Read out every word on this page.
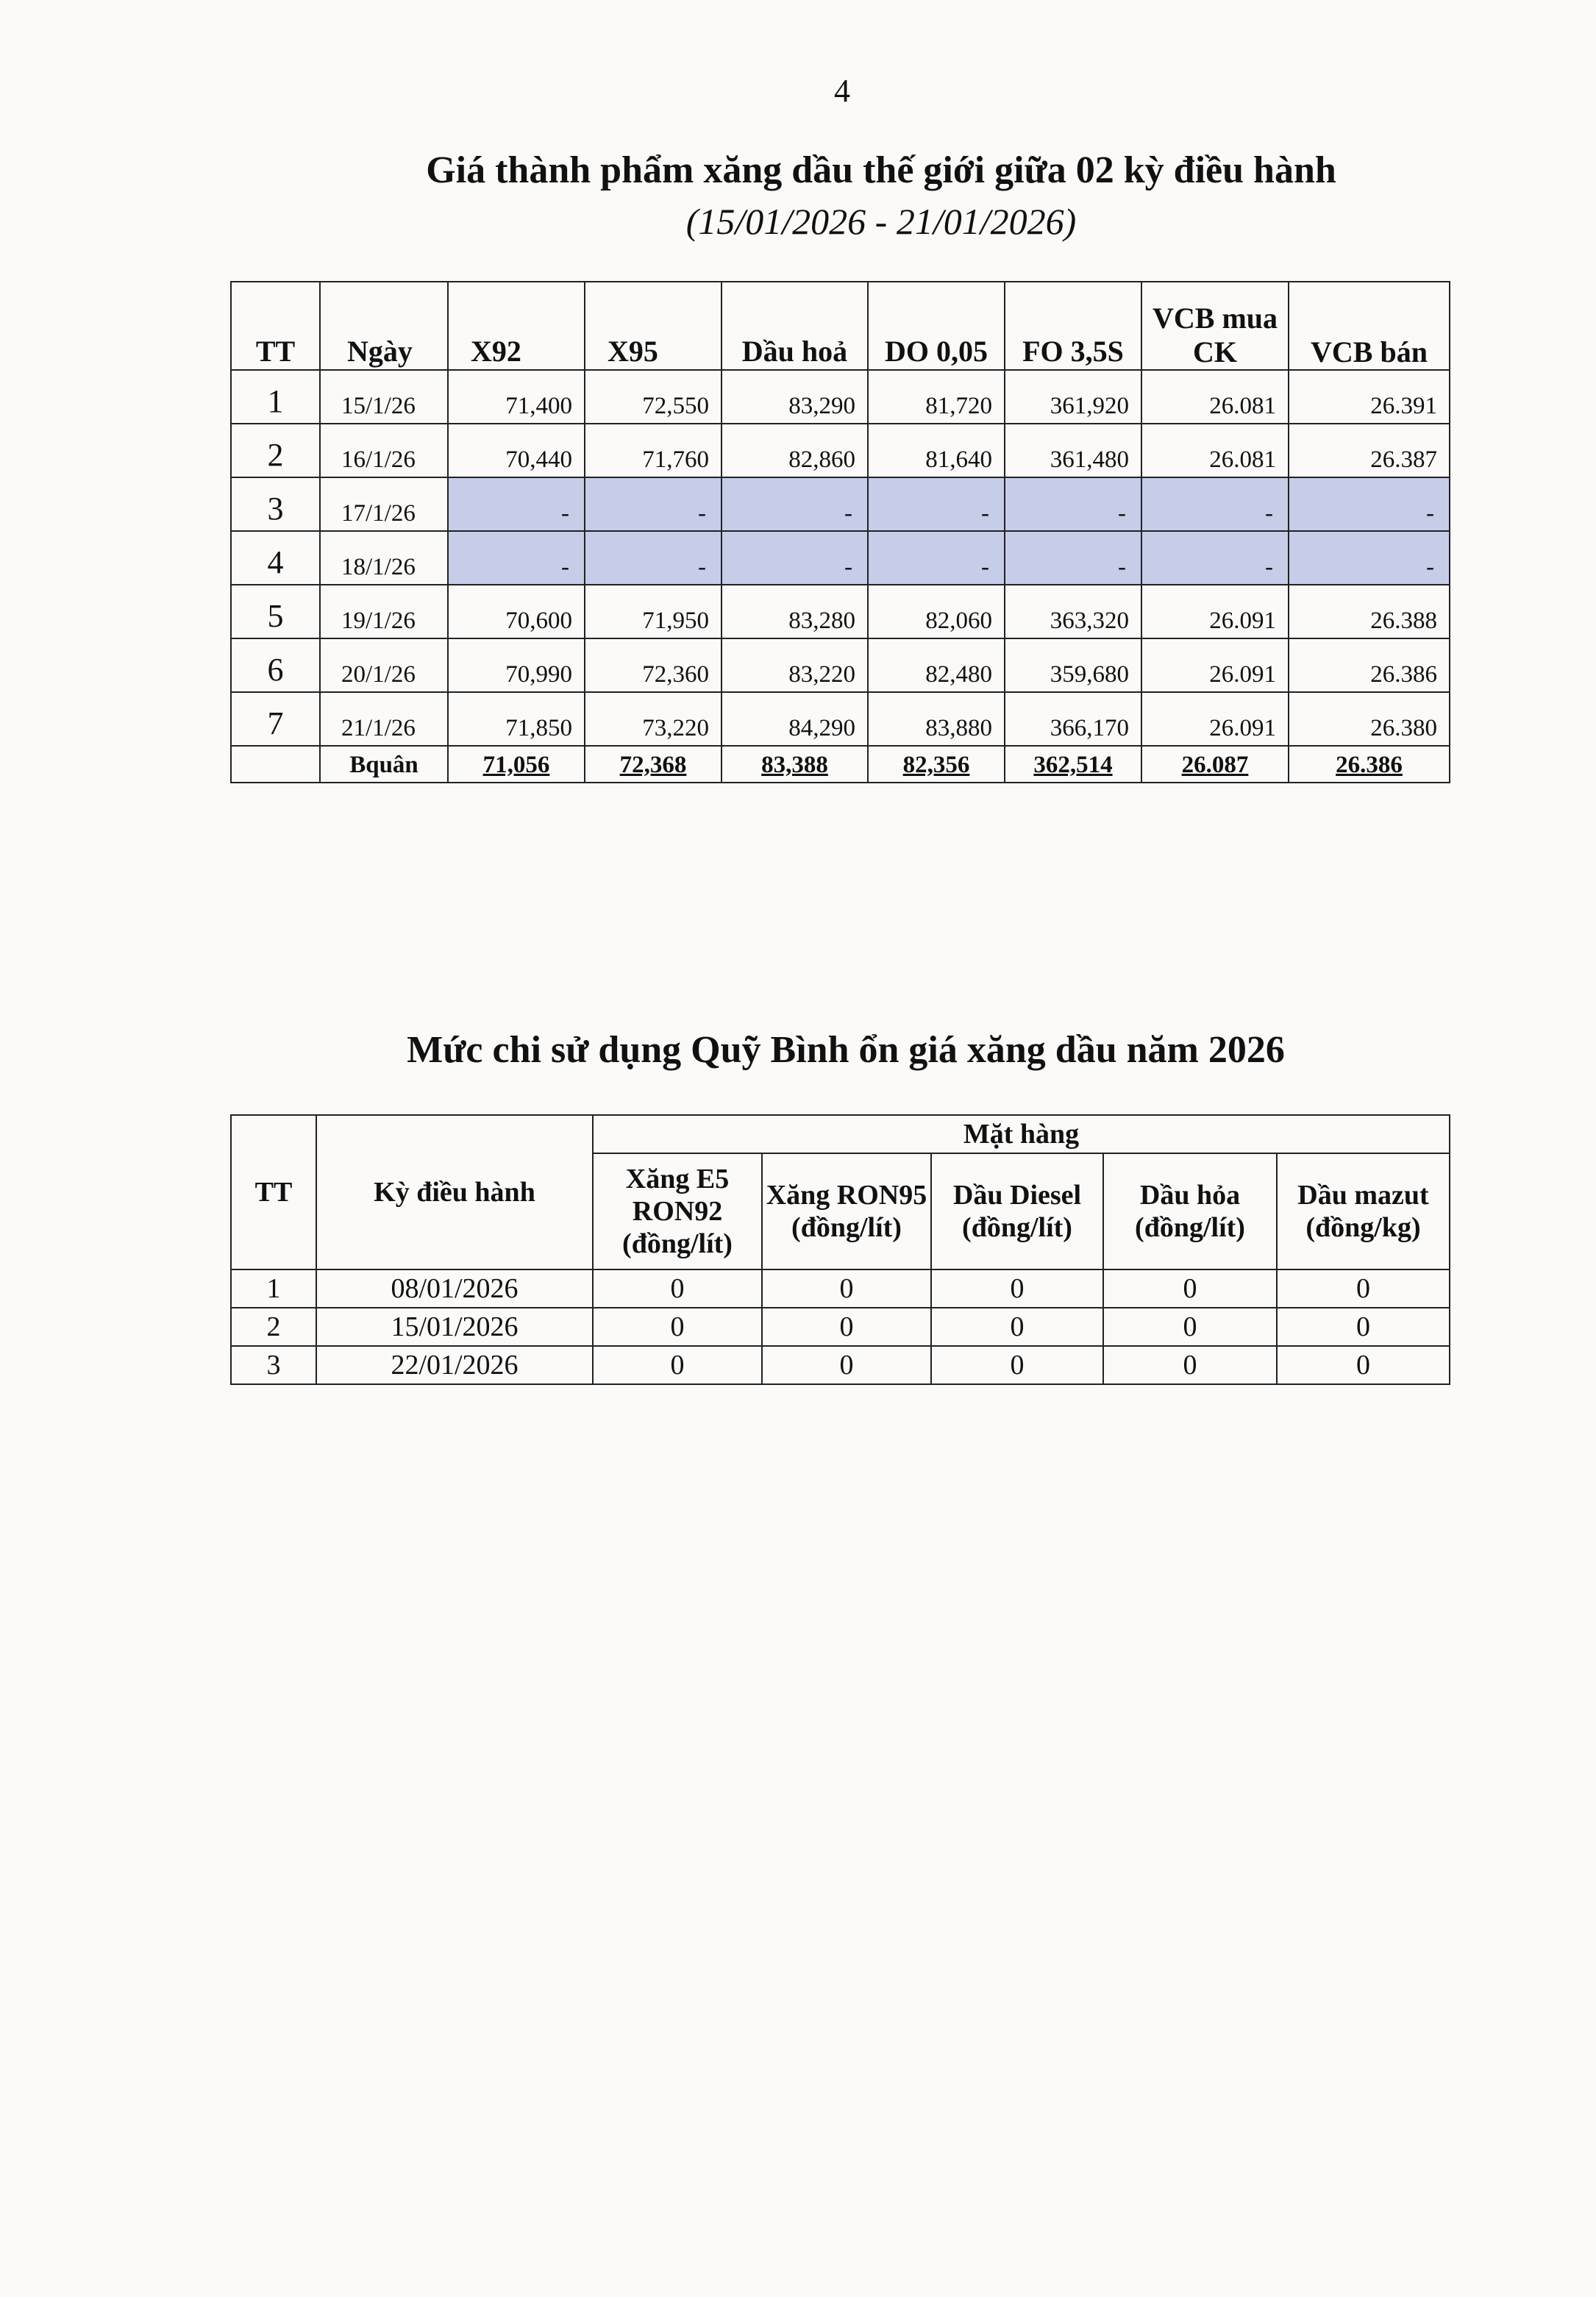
4
Giá thành phẩm xăng dầu thế giới giữa 02 kỳ điều hành
(15/01/2026 - 21/01/2026)
TT	Ngày	X92	X95	Dầu hoả	DO 0,05	FO 3,5S	VCB mua CK	VCB bán
1	15/1/26	71,400	72,550	83,290	81,720	361,920	26.081	26.391
2	16/1/26	70,440	71,760	82,860	81,640	361,480	26.081	26.387
3	17/1/26	-	-	-	-	-	-	-
4	18/1/26	-	-	-	-	-	-	-
5	19/1/26	70,600	71,950	83,280	82,060	363,320	26.091	26.388
6	20/1/26	70,990	72,360	83,220	82,480	359,680	26.091	26.386
7	21/1/26	71,850	73,220	84,290	83,880	366,170	26.091	26.380
	Bquân	71,056	72,368	83,388	82,356	362,514	26.087	26.386
Mức chi sử dụng Quỹ Bình ổn giá xăng dầu năm 2026
TT	Kỳ điều hành	Mặt hàng				
		Xăng E5 RON92 (đồng/lít)	Xăng RON95 (đồng/lít)	Dầu Diesel (đồng/lít)	Dầu hỏa (đồng/lít)	Dầu mazut (đồng/kg)
1	08/01/2026	0	0	0	0	0
2	15/01/2026	0	0	0	0	0
3	22/01/2026	0	0	0	0	0
